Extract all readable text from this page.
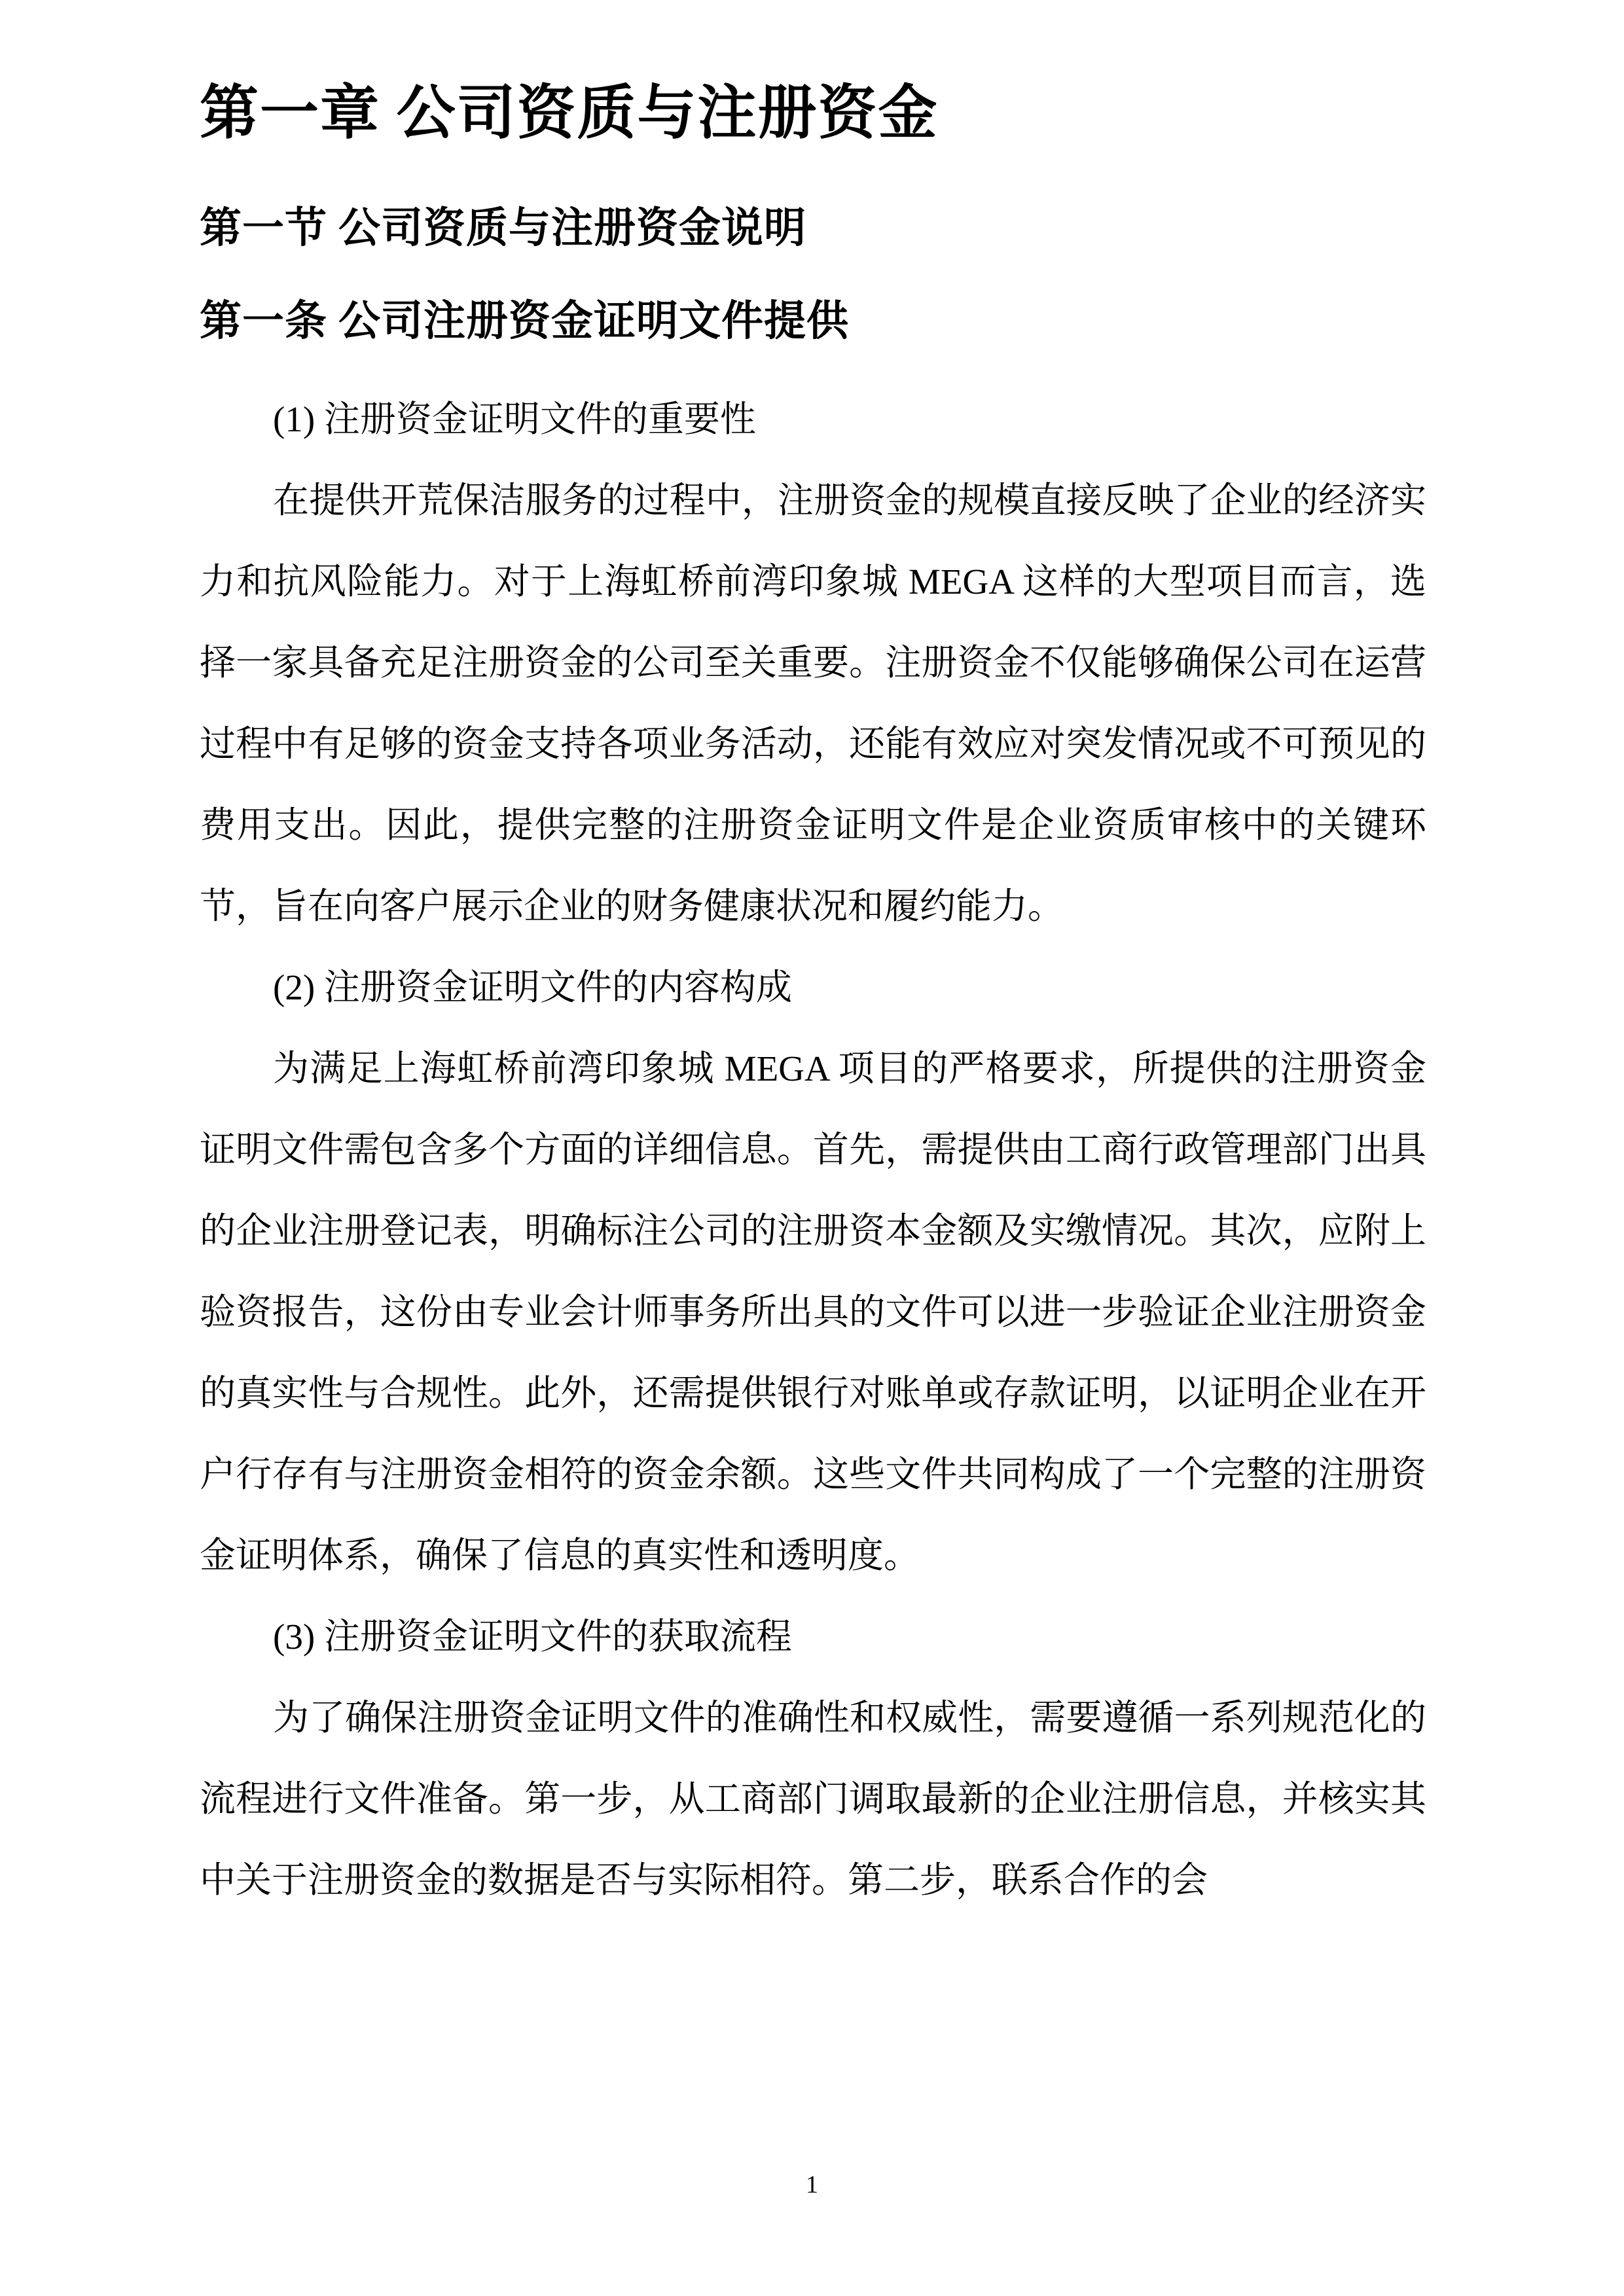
第一章 公司资质与注册资金
第一节 公司资质与注册资金说明
第一条 公司注册资金证明文件提供

(1) 注册资金证明文件的重要性

在提供开荒保洁服务的过程中，注册资金的规模直接反映了企业的经济实力和抗风险能力。对于上海虹桥前湾印象城 MEGA 这样的大型项目而言，选择一家具备充足注册资金的公司至关重要。注册资金不仅能够确保公司在运营过程中有足够的资金支持各项业务活动，还能有效应对突发情况或不可预见的费用支出。因此，提供完整的注册资金证明文件是企业资质审核中的关键环节，旨在向客户展示企业的财务健康状况和履约能力。

(2) 注册资金证明文件的内容构成

为满足上海虹桥前湾印象城 MEGA 项目的严格要求，所提供的注册资金证明文件需包含多个方面的详细信息。首先，需提供由工商行政管理部门出具的企业注册登记表，明确标注公司的注册资本金额及实缴情况。其次，应附上验资报告，这份由专业会计师事务所出具的文件可以进一步验证企业注册资金的真实性与合规性。此外，还需提供银行对账单或存款证明，以证明企业在开户行存有与注册资金相符的资金余额。这些文件共同构成了一个完整的注册资金证明体系，确保了信息的真实性和透明度。

(3) 注册资金证明文件的获取流程

为了确保注册资金证明文件的准确性和权威性，需要遵循一系列规范化的流程进行文件准备。第一步，从工商部门调取最新的企业注册信息，并核实其中关于注册资金的数据是否与实际相符。第二步，联系合作的会

1
